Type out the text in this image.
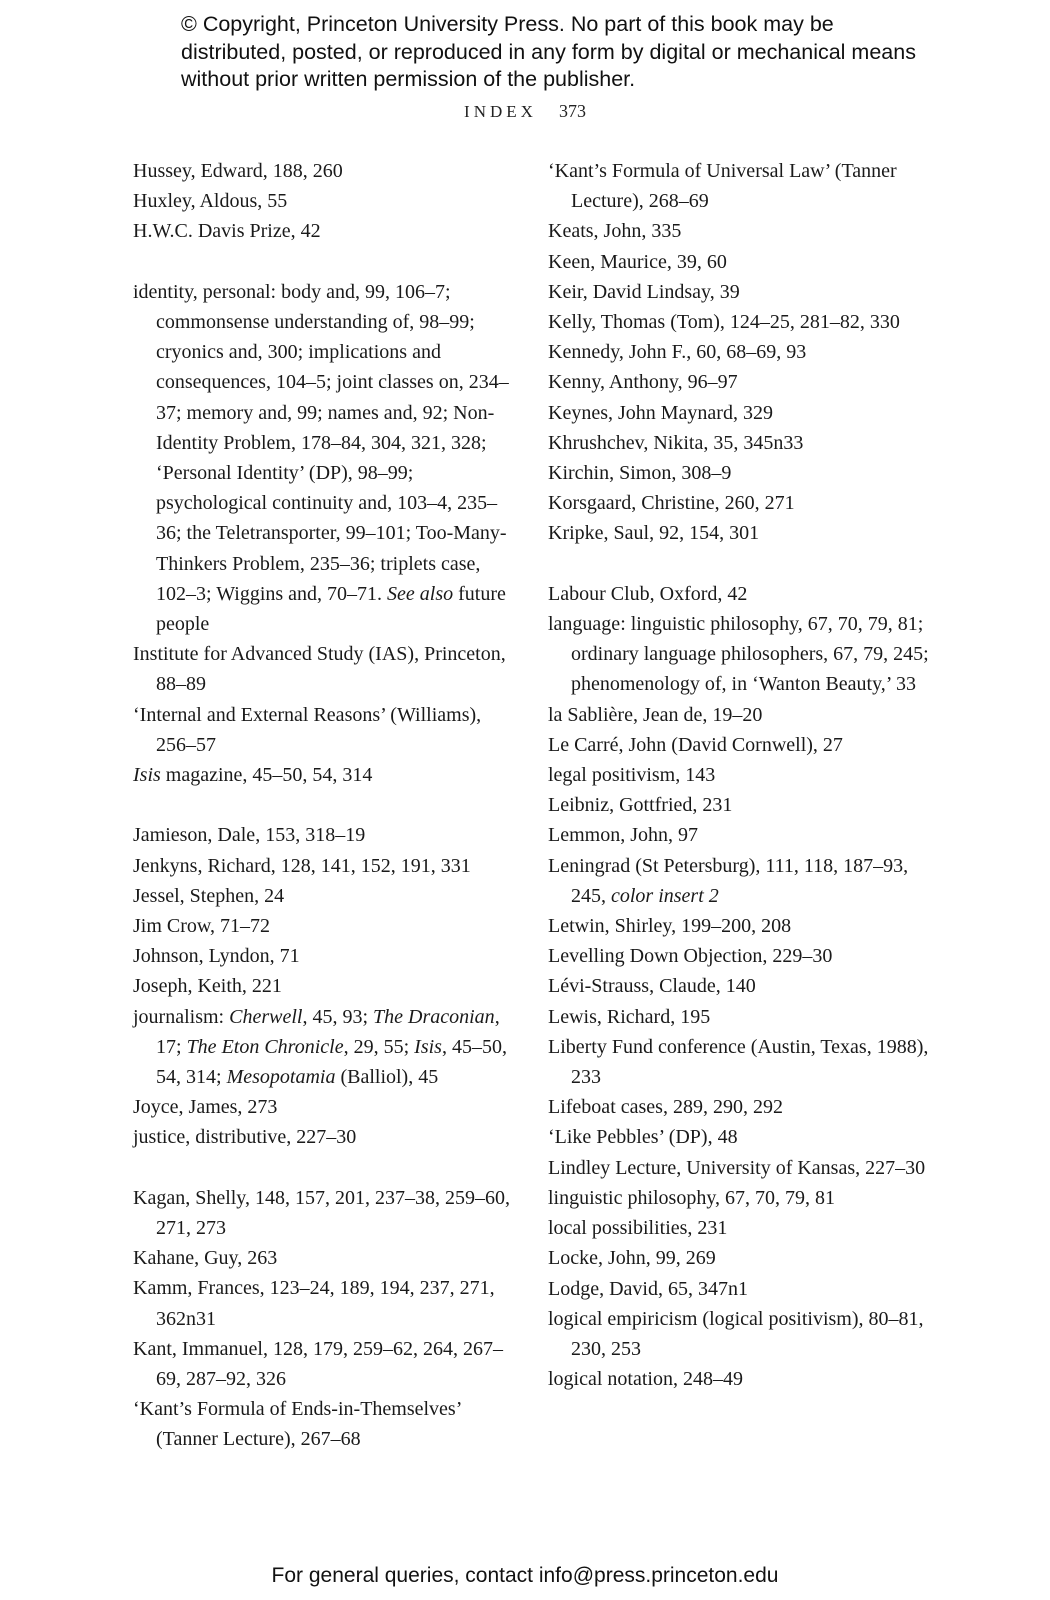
© Copyright, Princeton University Press. No part of this book may be distributed, posted, or reproduced in any form by digital or mechanical means without prior written permission of the publisher.
INDEX 373
Hussey, Edward, 188, 260
Huxley, Aldous, 55
H.W.C. Davis Prize, 42
identity, personal: body and, 99, 106–7; commonsense understanding of, 98–99; cryonics and, 300; implications and consequences, 104–5; joint classes on, 234–37; memory and, 99; names and, 92; Non-Identity Problem, 178–84, 304, 321, 328; ‘Personal Identity’ (DP), 98–99; psychological continuity and, 103–4, 235–36; the Teletransporter, 99–101; Too-Many-Thinkers Problem, 235–36; triplets case, 102–3; Wiggins and, 70–71. See also future people
Institute for Advanced Study (IAS), Princeton, 88–89
‘Internal and External Reasons’ (Williams), 256–57
Isis magazine, 45–50, 54, 314
Jamieson, Dale, 153, 318–19
Jenkyns, Richard, 128, 141, 152, 191, 331
Jessel, Stephen, 24
Jim Crow, 71–72
Johnson, Lyndon, 71
Joseph, Keith, 221
journalism: Cherwell, 45, 93; The Draconian, 17; The Eton Chronicle, 29, 55; Isis, 45–50, 54, 314; Mesopotamia (Balliol), 45
Joyce, James, 273
justice, distributive, 227–30
Kagan, Shelly, 148, 157, 201, 237–38, 259–60, 271, 273
Kahane, Guy, 263
Kamm, Frances, 123–24, 189, 194, 237, 271, 362n31
Kant, Immanuel, 128, 179, 259–62, 264, 267–69, 287–92, 326
‘Kant’s Formula of Ends-in-Themselves’ (Tanner Lecture), 267–68
‘Kant’s Formula of Universal Law’ (Tanner Lecture), 268–69
Keats, John, 335
Keen, Maurice, 39, 60
Keir, David Lindsay, 39
Kelly, Thomas (Tom), 124–25, 281–82, 330
Kennedy, John F., 60, 68–69, 93
Kenny, Anthony, 96–97
Keynes, John Maynard, 329
Khrushchev, Nikita, 35, 345n33
Kirchin, Simon, 308–9
Korsgaard, Christine, 260, 271
Kripke, Saul, 92, 154, 301
Labour Club, Oxford, 42
language: linguistic philosophy, 67, 70, 79, 81; ordinary language philosophers, 67, 79, 245; phenomenology of, in ‘Wanton Beauty,’ 33
la Sablière, Jean de, 19–20
Le Carré, John (David Cornwell), 27
legal positivism, 143
Leibniz, Gottfried, 231
Lemmon, John, 97
Leningrad (St Petersburg), 111, 118, 187–93, 245, color insert 2
Letwin, Shirley, 199–200, 208
Levelling Down Objection, 229–30
Lévi-Strauss, Claude, 140
Lewis, Richard, 195
Liberty Fund conference (Austin, Texas, 1988), 233
Lifeboat cases, 289, 290, 292
‘Like Pebbles’ (DP), 48
Lindley Lecture, University of Kansas, 227–30
linguistic philosophy, 67, 70, 79, 81
local possibilities, 231
Locke, John, 99, 269
Lodge, David, 65, 347n1
logical empiricism (logical positivism), 80–81, 230, 253
logical notation, 248–49
For general queries, contact info@press.princeton.edu
